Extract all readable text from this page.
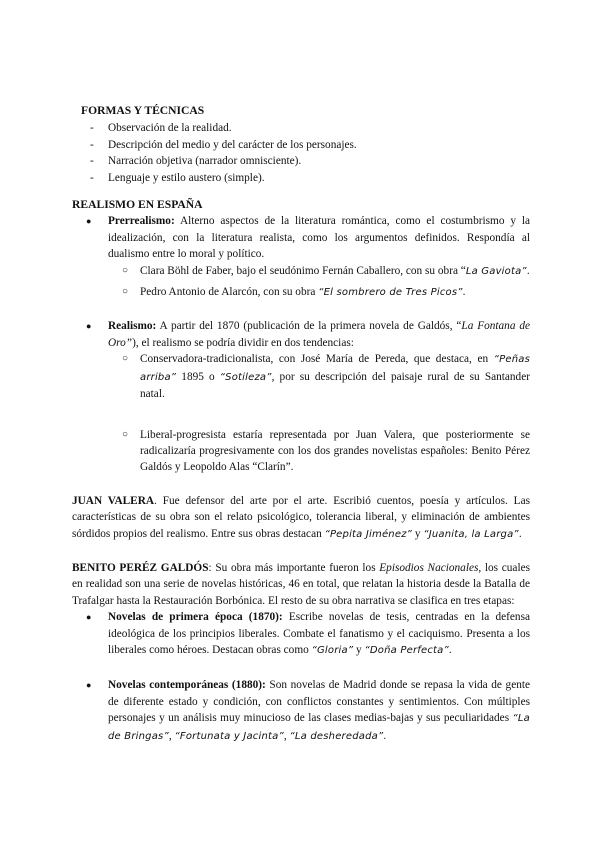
FORMAS Y TÉCNICAS
- Observación de la realidad.
- Descripción del medio y del carácter de los personajes.
- Narración objetiva (narrador omnisciente).
- Lenguaje y estilo austero (simple).
REALISMO EN ESPAÑA
● Prerrealismo: Alterno aspectos de la literatura romántica, como el costumbrismo y la idealización, con la literatura realista, como los argumentos definidos. Respondía al dualismo entre lo moral y político.
○ Clara Böhl de Faber, bajo el seudónimo Fernán Caballero, con su obra “La Gaviota”.
○ Pedro Antonio de Alarcón, con su obra “El sombrero de Tres Picos”.
● Realismo: A partir del 1870 (publicación de la primera novela de Galdós, “La Fontana de Oro”), el realismo se podría dividir en dos tendencias:
○ Conservadora-tradicionalista, con José María de Pereda, que destaca, en “Peñas arriba” 1895 o “Sotileza”, por su descripción del paisaje rural de su Santander natal.
○ Liberal-progresista estaría representada por Juan Valera, que posteriormente se radicalizaría progresivamente con los dos grandes novelistas españoles: Benito Pérez Galdós y Leopoldo Alas “Clarín”.

JUAN VALERA. Fue defensor del arte por el arte. Escribió cuentos, poesía y artículos. Las características de su obra son el relato psicológico, tolerancia liberal, y eliminación de ambientes sórdidos propios del realismo. Entre sus obras destacan “Pepita Jiménez” y “Juanita, la Larga”.

BENITO PERÉZ GALDÓS: Su obra más importante fueron los Episodios Nacionales, los cuales en realidad son una serie de novelas históricas, 46 en total, que relatan la historia desde la Batalla de Trafalgar hasta la Restauración Borbónica. El resto de su obra narrativa se clasifica en tres etapas:

● Novelas de primera época (1870): Escribe novelas de tesis, centradas en la defensa ideológica de los principios liberales. Combate el fanatismo y el caciquismo. Presenta a los liberales como héroes. Destacan obras como “Gloria” y “Doña Perfecta”.
● Novelas contemporáneas (1880): Son novelas de Madrid donde se repasa la vida de gente de diferente estado y condición, con conflictos constantes y sentimientos. Con múltiples personajes y un análisis muy minucioso de las clases medias-bajas y sus peculiaridades “La de Bringas”, “Fortunata y Jacinta”, “La desheredada”.
